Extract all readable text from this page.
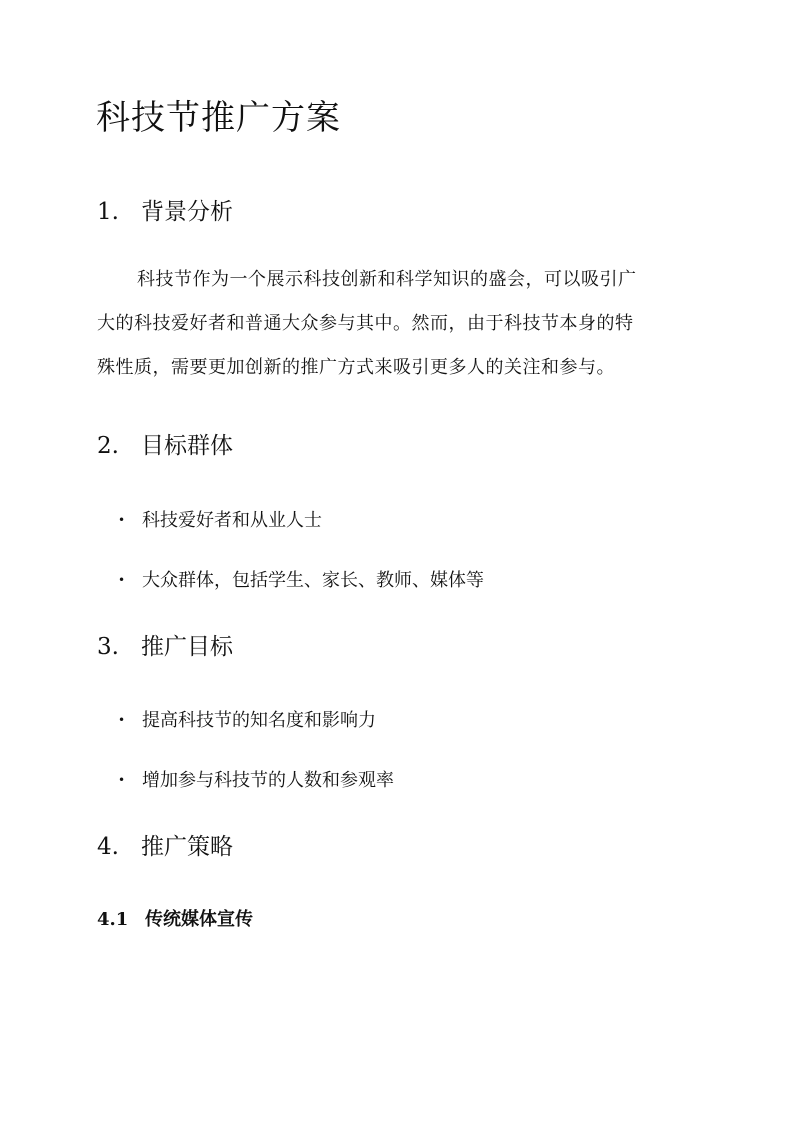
科技节推广方案
1. 背景分析

科技节作为一个展示科技创新和科学知识的盛会，可以吸引广
大的科技爱好者和普通大众参与其中。然而，由于科技节本身的特
殊性质，需要更加创新的推广方式来吸引更多人的关注和参与。

2. 目标群体
• 科技爱好者和从业人士
• 大众群体，包括学生、家长、教师、媒体等
3. 推广目标
• 提高科技节的知名度和影响力
• 增加参与科技节的人数和参观率
4. 推广策略
4.1 传统媒体宣传
